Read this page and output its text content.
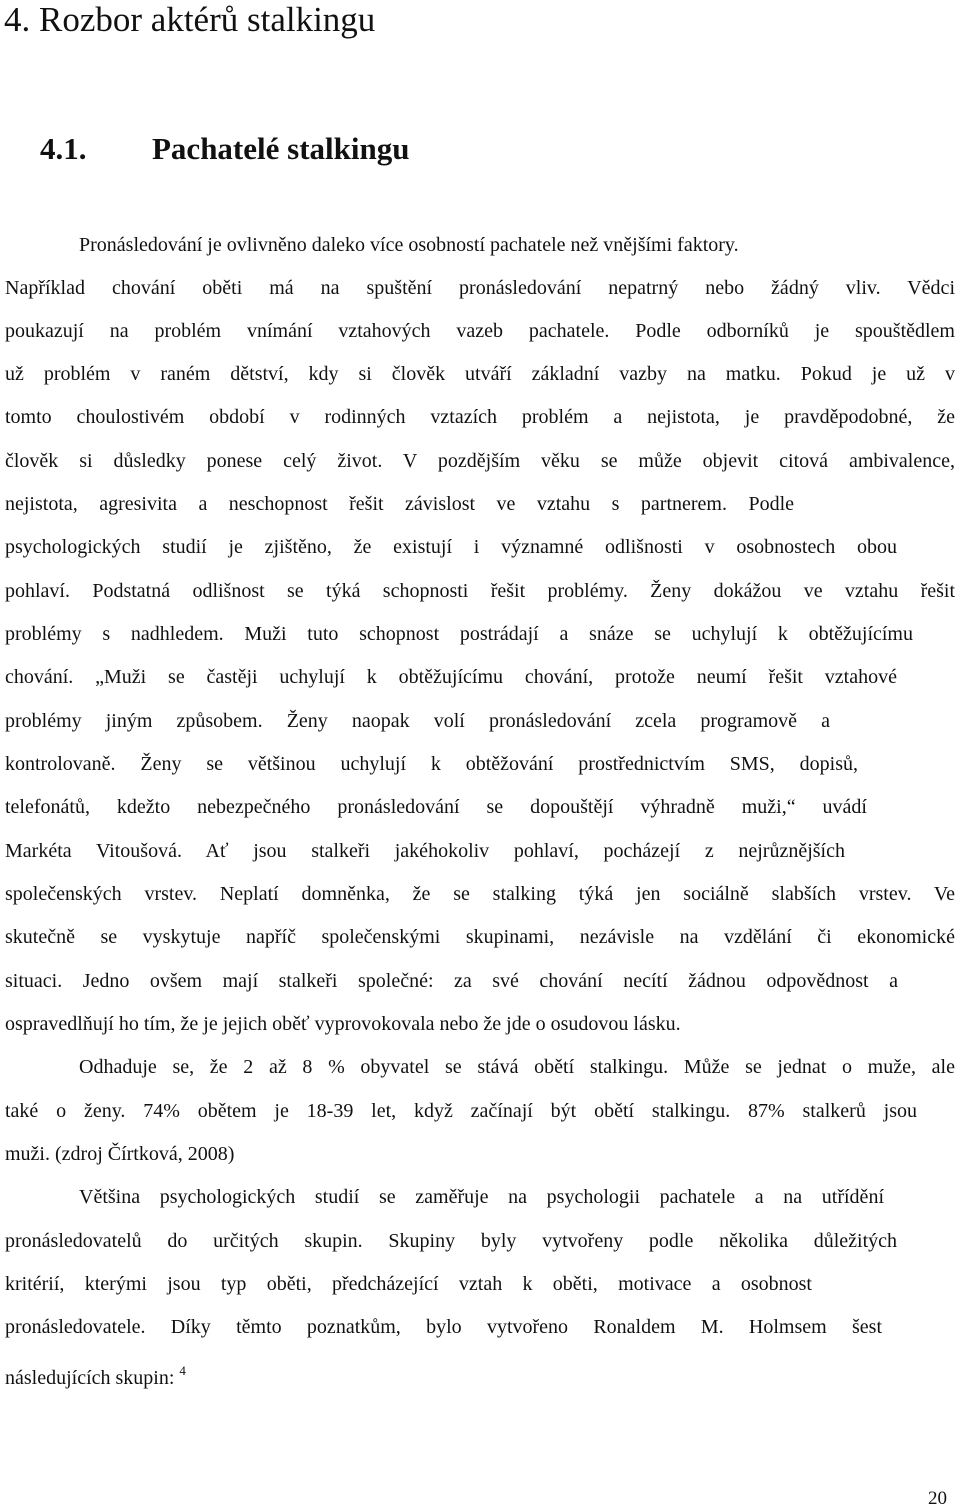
4. Rozbor aktérů stalkingu
4.1. Pachatelé stalkingu
Pronásledování je ovlivněno daleko více osobností pachatele než vnějšími faktory.
Například chování oběti má na spuštění pronásledování nepatrný nebo žádný vliv. Vědci
poukazují na problém vnímání vztahových vazeb pachatele. Podle odborníků je spouštědlem
už problém v raném dětství, kdy si člověk utváří základní vazby na matku. Pokud je už v
tomto choulostivém období v rodinných vztazích problém a nejistota, je pravděpodobné, že
člověk si důsledky ponese celý život. V pozdějším věku se může objevit citová ambivalence,
nejistota, agresivita a neschopnost řešit závislost ve vztahu s partnerem. Podle
psychologických studií je zjištěno, že existují i významné odlišnosti v osobnostech obou
pohlaví. Podstatná odlišnost se týká schopnosti řešit problémy. Ženy dokážou ve vztahu řešit
problémy s nadhledem. Muži tuto schopnost postrádají a snáze se uchylují k obtěžujícímu
chování. „Muži se častěji uchylují k obtěžujícímu chování, protože neumí řešit vztahové
problémy jiným způsobem. Ženy naopak volí pronásledování zcela programově a
kontrolovaně. Ženy se většinou uchylují k obtěžování prostřednictvím SMS, dopisů,
telefonátů, kdežto nebezpečného pronásledování se dopouštějí výhradně muži,“ uvádí
Markéta Vitoušová. Ať jsou stalkeři jakéhokoliv pohlaví, pocházejí z nejrůznějších
společenských vrstev. Neplatí domněnka, že se stalking týká jen sociálně slabších vrstev. Ve
skutečně se vyskytuje napříč společenskými skupinami, nezávisle na vzdělání či ekonomické
situaci. Jedno ovšem mají stalkeři společné: za své chování necítí žádnou odpovědnost a
ospravedlňují ho tím, že je jejich oběť vyprovokovala nebo že jde o osudovou lásku.
Odhaduje se, že 2 až 8 % obyvatel se stává obětí stalkingu. Může se jednat o muže, ale
také o ženy. 74% obětem je 18-39 let, když začínají být obětí stalkingu. 87% stalkerů jsou
muži. (zdroj Čírtková, 2008)
Většina psychologických studií se zaměřuje na psychologii pachatele a na utřídění
pronásledovatelů do určitých skupin. Skupiny byly vytvořeny podle několika důležitých
kritérií, kterými jsou typ oběti, předcházející vztah k oběti, motivace a osobnost
pronásledovatele. Díky těmto poznatkům, bylo vytvořeno Ronaldem M. Holmsem šest
následujících skupin: $^4$
20
